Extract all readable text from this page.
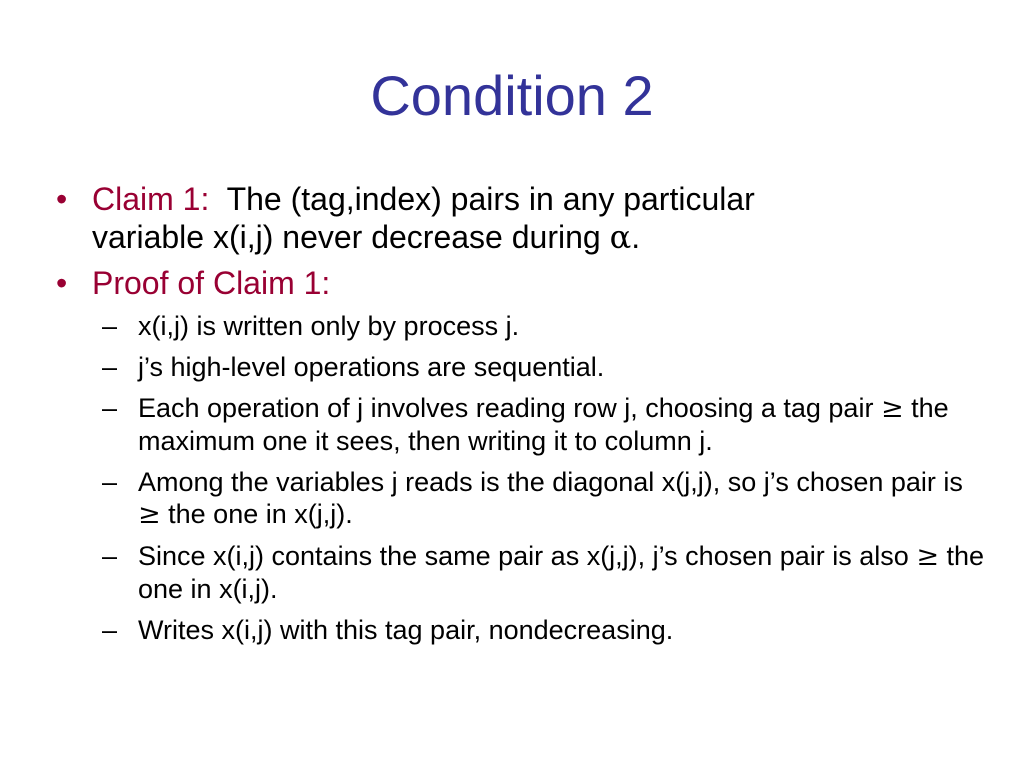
Condition 2
• Claim 1: The (tag,index) pairs in any particular
variable x(i,j) never decrease during α.
• Proof of Claim 1:
– x(i,j) is written only by process j.
– j’s high-level operations are sequential.
– Each operation of j involves reading row j, choosing a tag pair ≥ the maximum one it sees, then writing it to column j.
– Among the variables j reads is the diagonal x(j,j), so j’s chosen pair is ≥ the one in x(j,j).
– Since x(i,j) contains the same pair as x(j,j), j’s chosen pair is also ≥ the one in x(i,j).
– Writes x(i,j) with this tag pair, nondecreasing.
